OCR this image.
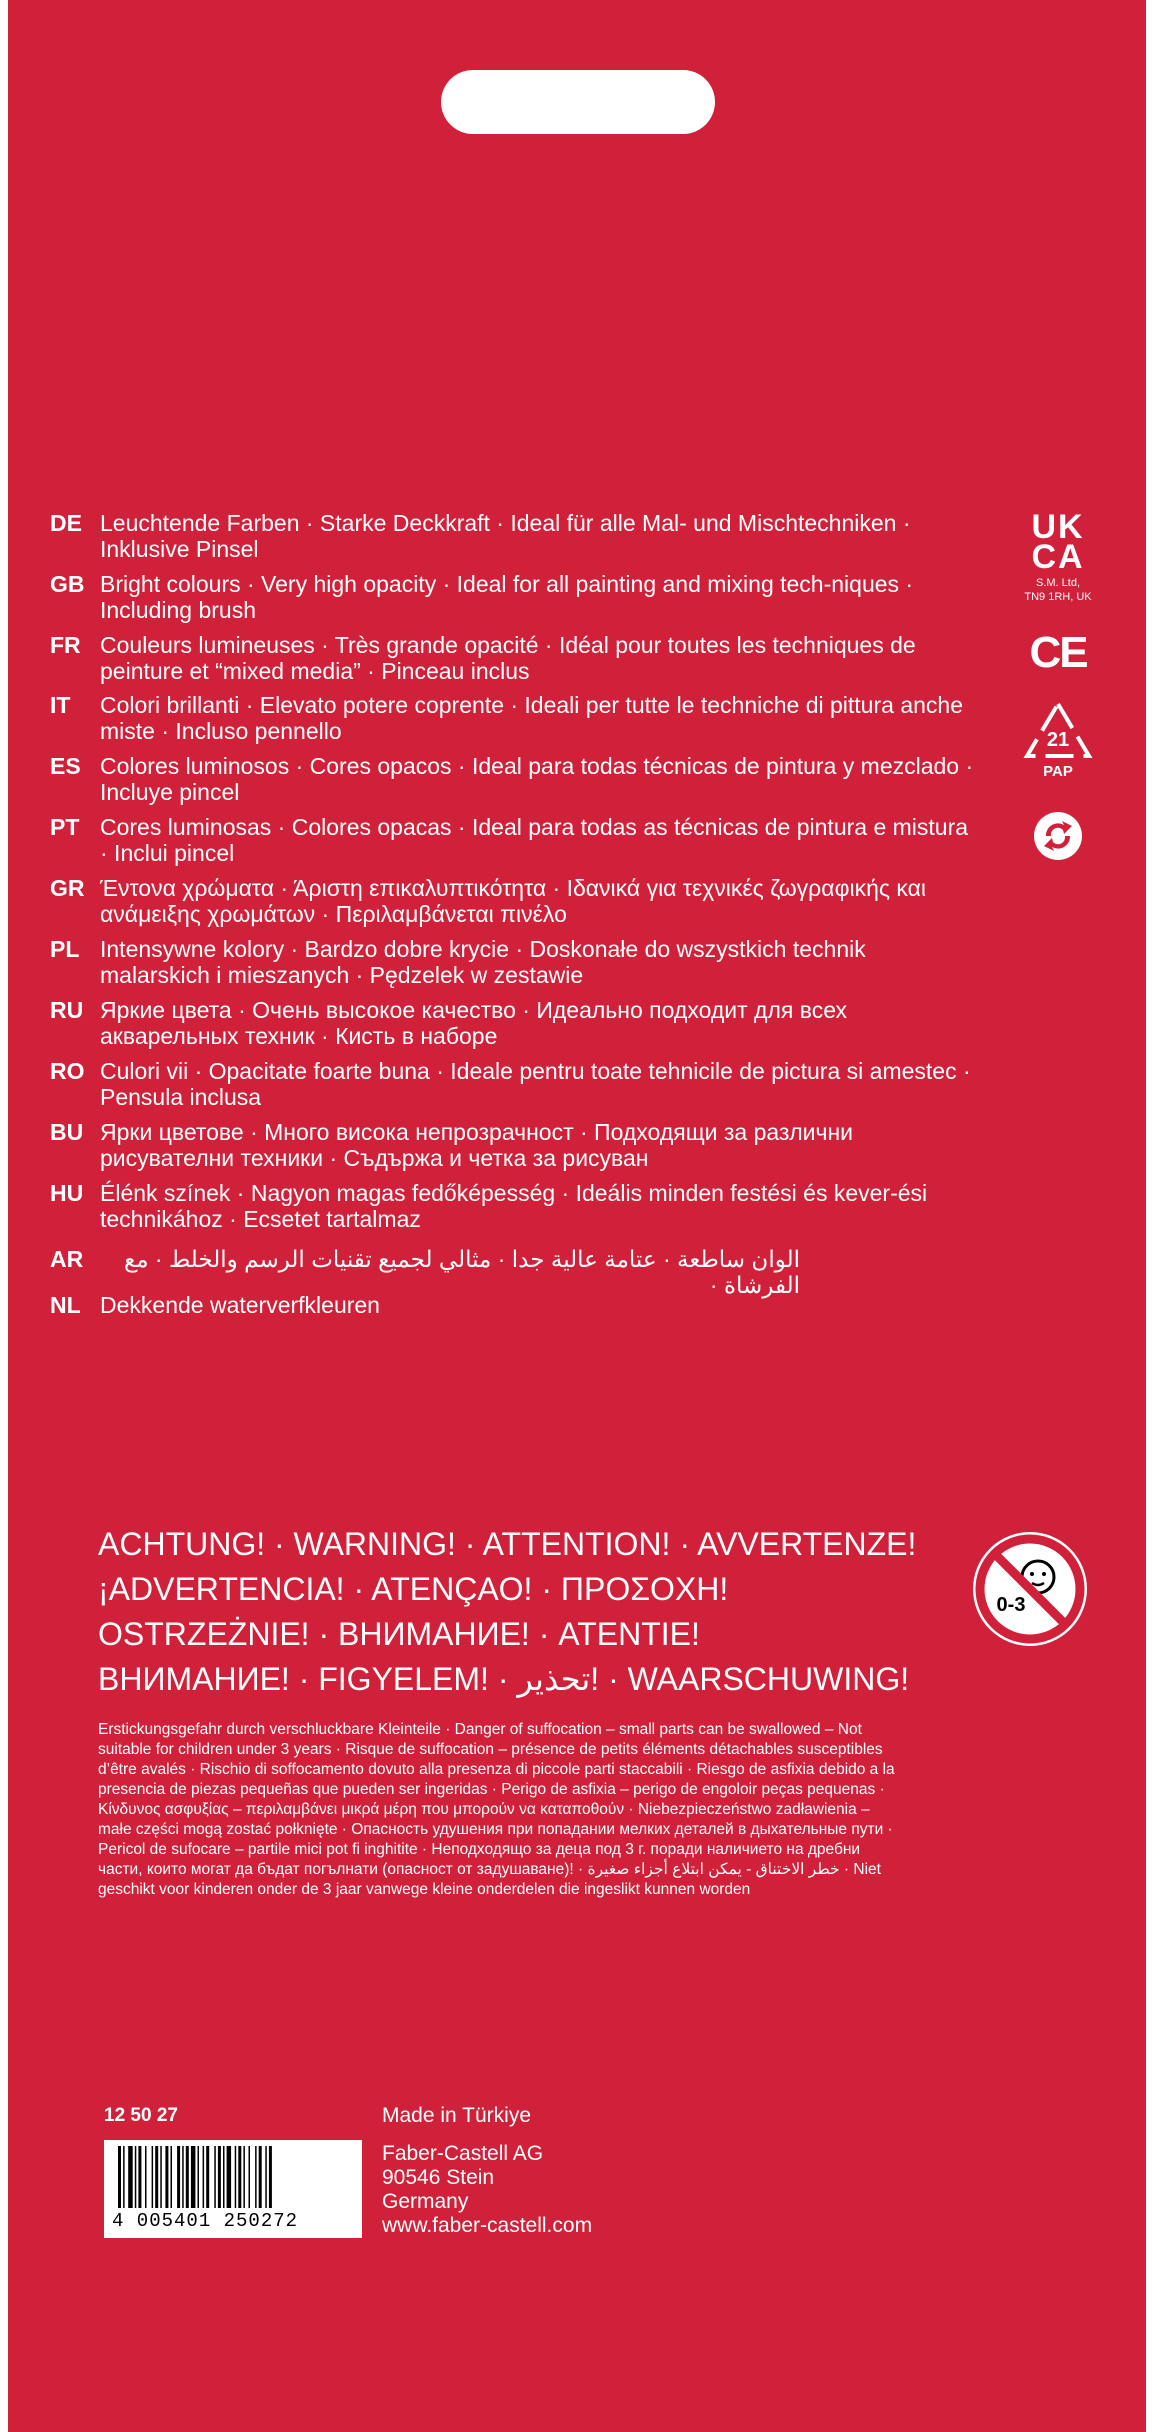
DE Leuchtende Farben · Starke Deckkraft · Ideal für alle Mal- und Mischtechniken · Inklusive Pinsel
GB Bright colours · Very high opacity · Ideal for all painting and mixing tech-niques · Including brush
FR Couleurs lumineuses · Très grande opacité · Idéal pour toutes les techniques de peinture et “mixed media” · Pinceau inclus
IT Colori brillanti · Elevato potere coprente · Ideali per tutte le techniche di pittura anche miste · Incluso pennello
ES Colores luminosos · Cores opacos · Ideal para todas técnicas de pintura y mezclado · Incluye pincel
PT Cores luminosas · Colores opacas · Ideal para todas as técnicas de pintura e mistura · Inclui pincel
GR Έντονα χρώματα · Άριστη επικαλυπτικότητα · Ιδανικά για τεχνικές ζωγραφικής και ανάμειξης χρωμάτων · Περιλαμβάνεται πινέλο
PL Intensywne kolory · Bardzo dobre krycie · Doskonałe do wszystkich technik malarskich i mieszanych · Pędzelek w zestawie
RU Яркие цвета · Очень высокое качество · Идеально подходит для всех акварельных техник · Кисть в наборе
RO Culori vii · Opacitate foarte buna · Ideale pentru toate tehnicile de pictura si amestec · Pensula inclusa
BU Ярки цветове · Много висока непрозрачност · Подходящи за различни рисувателни техники · Съдържа и четка за рисуван
HU Élénk színek · Nagyon magas fedőképesség · Ideális minden festési és kever-ési technikához · Ecsetet tartalmaz
AR	الوان ساطعة · عتامة عالية جدا · مثالي لجميع تقنيات الرسم والخلط · مع الفرشاة ·
NL Dekkende waterverfkleuren
UK
CA
S.M. Ltd,
TN9 1RH, UK
CE
21
PAP
ACHTUNG! · WARNING! · ATTENTION! · AVVERTENZE!
¡ADVERTENCIA! · ATENÇAO! · ΠΡΟΣΟΧΗ!
OSTRZEŻNIE! · ВНИМАНИЕ! · ATENTIE!
ВНИМАНИЕ! · FIGYELEM! · تحذير! · WAARSCHUWING!
0-3
Erstickungsgefahr durch verschluckbare Kleinteile · Danger of suffocation – small parts can be swallowed – Not suitable for children under 3 years · Risque de suffocation – présence de petits éléments détachables susceptibles d’être avalés · Rischio di soffocamento dovuto alla presenza di piccole parti staccabili · Riesgo de asfixia debido a la presencia de piezas pequeñas que pueden ser ingeridas · Perigo de asfixia – perigo de engoloir peças pequenas · Κίνδυνος ασφυξίας – περιλαμβάνει μικρά μέρη που μπορούν να καταποθούν · Niebezpieczeństwo zadławienia – małe części mogą zostać połknięte · Опасность удушения при попадании мелких деталей в дыхательные пути · Pericol de sufocare – partile mici pot fi inghitite · Неподходящо за деца под 3 г. поради наличието на дребни части, които могат да бъдат погълнати (опасност от задушаване)! · خطر الاختناق - يمكن ابتلاع أجزاء صغيرة · Niet geschikt voor kinderen onder de 3 jaar vanwege kleine onderdelen die ingeslikt kunnen worden
12 50 27
4 005401 250272
Made in Türkiye
Faber-Castell AG
90546 Stein
Germany
www.faber-castell.com
